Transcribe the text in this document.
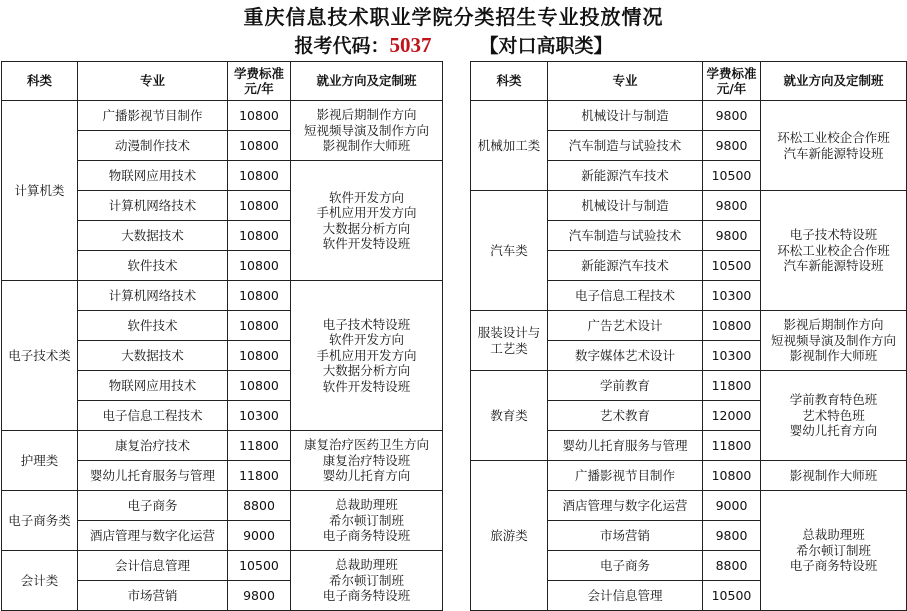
重庆信息技术职业学院分类招生专业投放情况
报考代码：5037	【对口高职类】
科类	专业	学费标准
元/年	就业方向及定制班
计算机类	广播影视节目制作	10800	影视后期制作方向
短视频导演及制作方向
影视制作大师班
	动漫制作技术	10800	
	物联网应用技术	10800	软件开发方向
手机应用开发方向
大数据分析方向
软件开发特设班
	计算机网络技术	10800	
	大数据技术	10800	
	软件技术	10800	
电子技术类	计算机网络技术	10800	电子技术特设班
软件开发方向
手机应用开发方向
大数据分析方向
软件开发特设班
	软件技术	10800	
	大数据技术	10800	
	物联网应用技术	10800	
	电子信息工程技术	10300	
护理类	康复治疗技术	11800	康复治疗医药卫生方向
康复治疗特设班
婴幼儿托育方向
	婴幼儿托育服务与管理	11800	
电子商务类	电子商务	8800	总裁助理班
希尔顿订制班
电子商务特设班
	酒店管理与数字化运营	9000	
会计类	会计信息管理	10500	总裁助理班
希尔顿订制班
电子商务特设班
	市场营销	9800	
科类	专业	学费标准
元/年	就业方向及定制班
机械加工类	机械设计与制造	9800	环松工业校企合作班
汽车新能源特设班
	汽车制造与试验技术	9800	
	新能源汽车技术	10500	
汽车类	机械设计与制造	9800	电子技术特设班
环松工业校企合作班
汽车新能源特设班
	汽车制造与试验技术	9800	
	新能源汽车技术	10500	
	电子信息工程技术	10300	
服装设计与
工艺类	广告艺术设计	10800	影视后期制作方向
短视频导演及制作方向
影视制作大师班
	数字媒体艺术设计	10300	
教育类	学前教育	11800	学前教育特色班
艺术特色班
婴幼儿托育方向
	艺术教育	12000	
	婴幼儿托育服务与管理	11800	
旅游类	广播影视节目制作	10800	影视制作大师班
	酒店管理与数字化运营	9000	总裁助理班
希尔顿订制班
电子商务特设班
	市场营销	9800	
	电子商务	8800	
	会计信息管理	10500	
